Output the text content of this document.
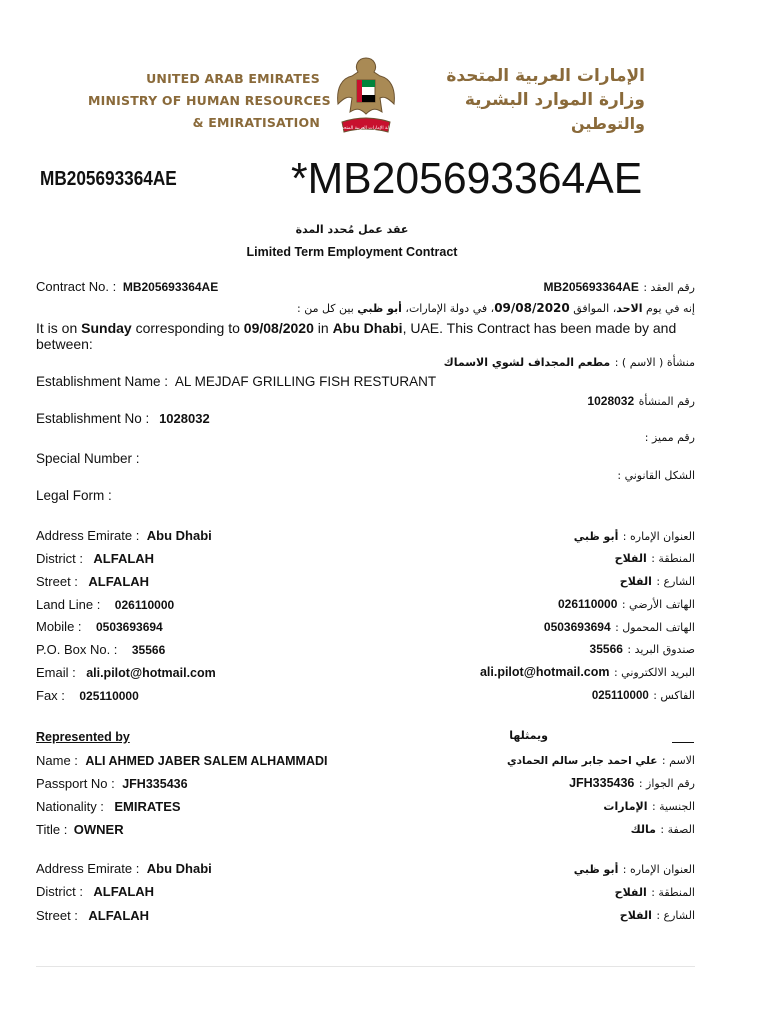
UNITED ARAB EMIRATES
MINISTRY OF HUMAN RESOURCES
& EMIRATISATION	دولة الإمارات العربية المتحدة
الإمارات العربية المتحدة
وزارة الموارد البشرية
والتوطين
MB205693364AE	*MB205693364AE
عقد عمل مُحدد المدة
Limited Term Employment Contract
Contract No. : MB205693364AE	رقم العقد : MB205693364AE
إنه في يوم الاحد، الموافق 09/08/2020، في دولة الإمارات، أبو ظبي بين كل من :
It is on Sunday corresponding to 09/08/2020 in Abu Dhabi, UAE. This Contract has been made by and
between:
منشأة ( الاسم ) : مطعم المجداف لشوي الاسماك
Establishment Name : AL MEJDAF GRILLING FISH RESTURANT
رقم المنشأة 1028032
Establishment No : 1028032
رقم مميز :
Special Number :
الشكل القانوني :
Legal Form :
Address Emirate : Abu Dhabi	العنوان الإماره : أبو ظبي
District : ALFALAH	المنطقة : الفلاح
Street : ALFALAH	الشارع : الفلاح
Land Line : 026110000	الهاتف الأرضي : 026110000
Mobile : 0503693694	الهاتف المحمول : 0503693694
P.O. Box No. : 35566	صندوق البريد : 35566
Email : ali.pilot@hotmail.com	البريد الالكتروني : ali.pilot@hotmail.com
Fax : 025110000	الفاكس : 025110000
Represented by	ويمثلها
Name : ALI AHMED JABER SALEM ALHAMMADI	الاسم : علي احمد جابر سالم الحمادي
Passport No : JFH335436	رقم الجواز : JFH335436
Nationality : EMIRATES	الجنسية : الإمارات
Title : OWNER	الصفة : مالك
Address Emirate : Abu Dhabi	العنوان الإماره : أبو ظبي
District : ALFALAH	المنطقة : الفلاح
Street : ALFALAH	الشارع : الفلاح
